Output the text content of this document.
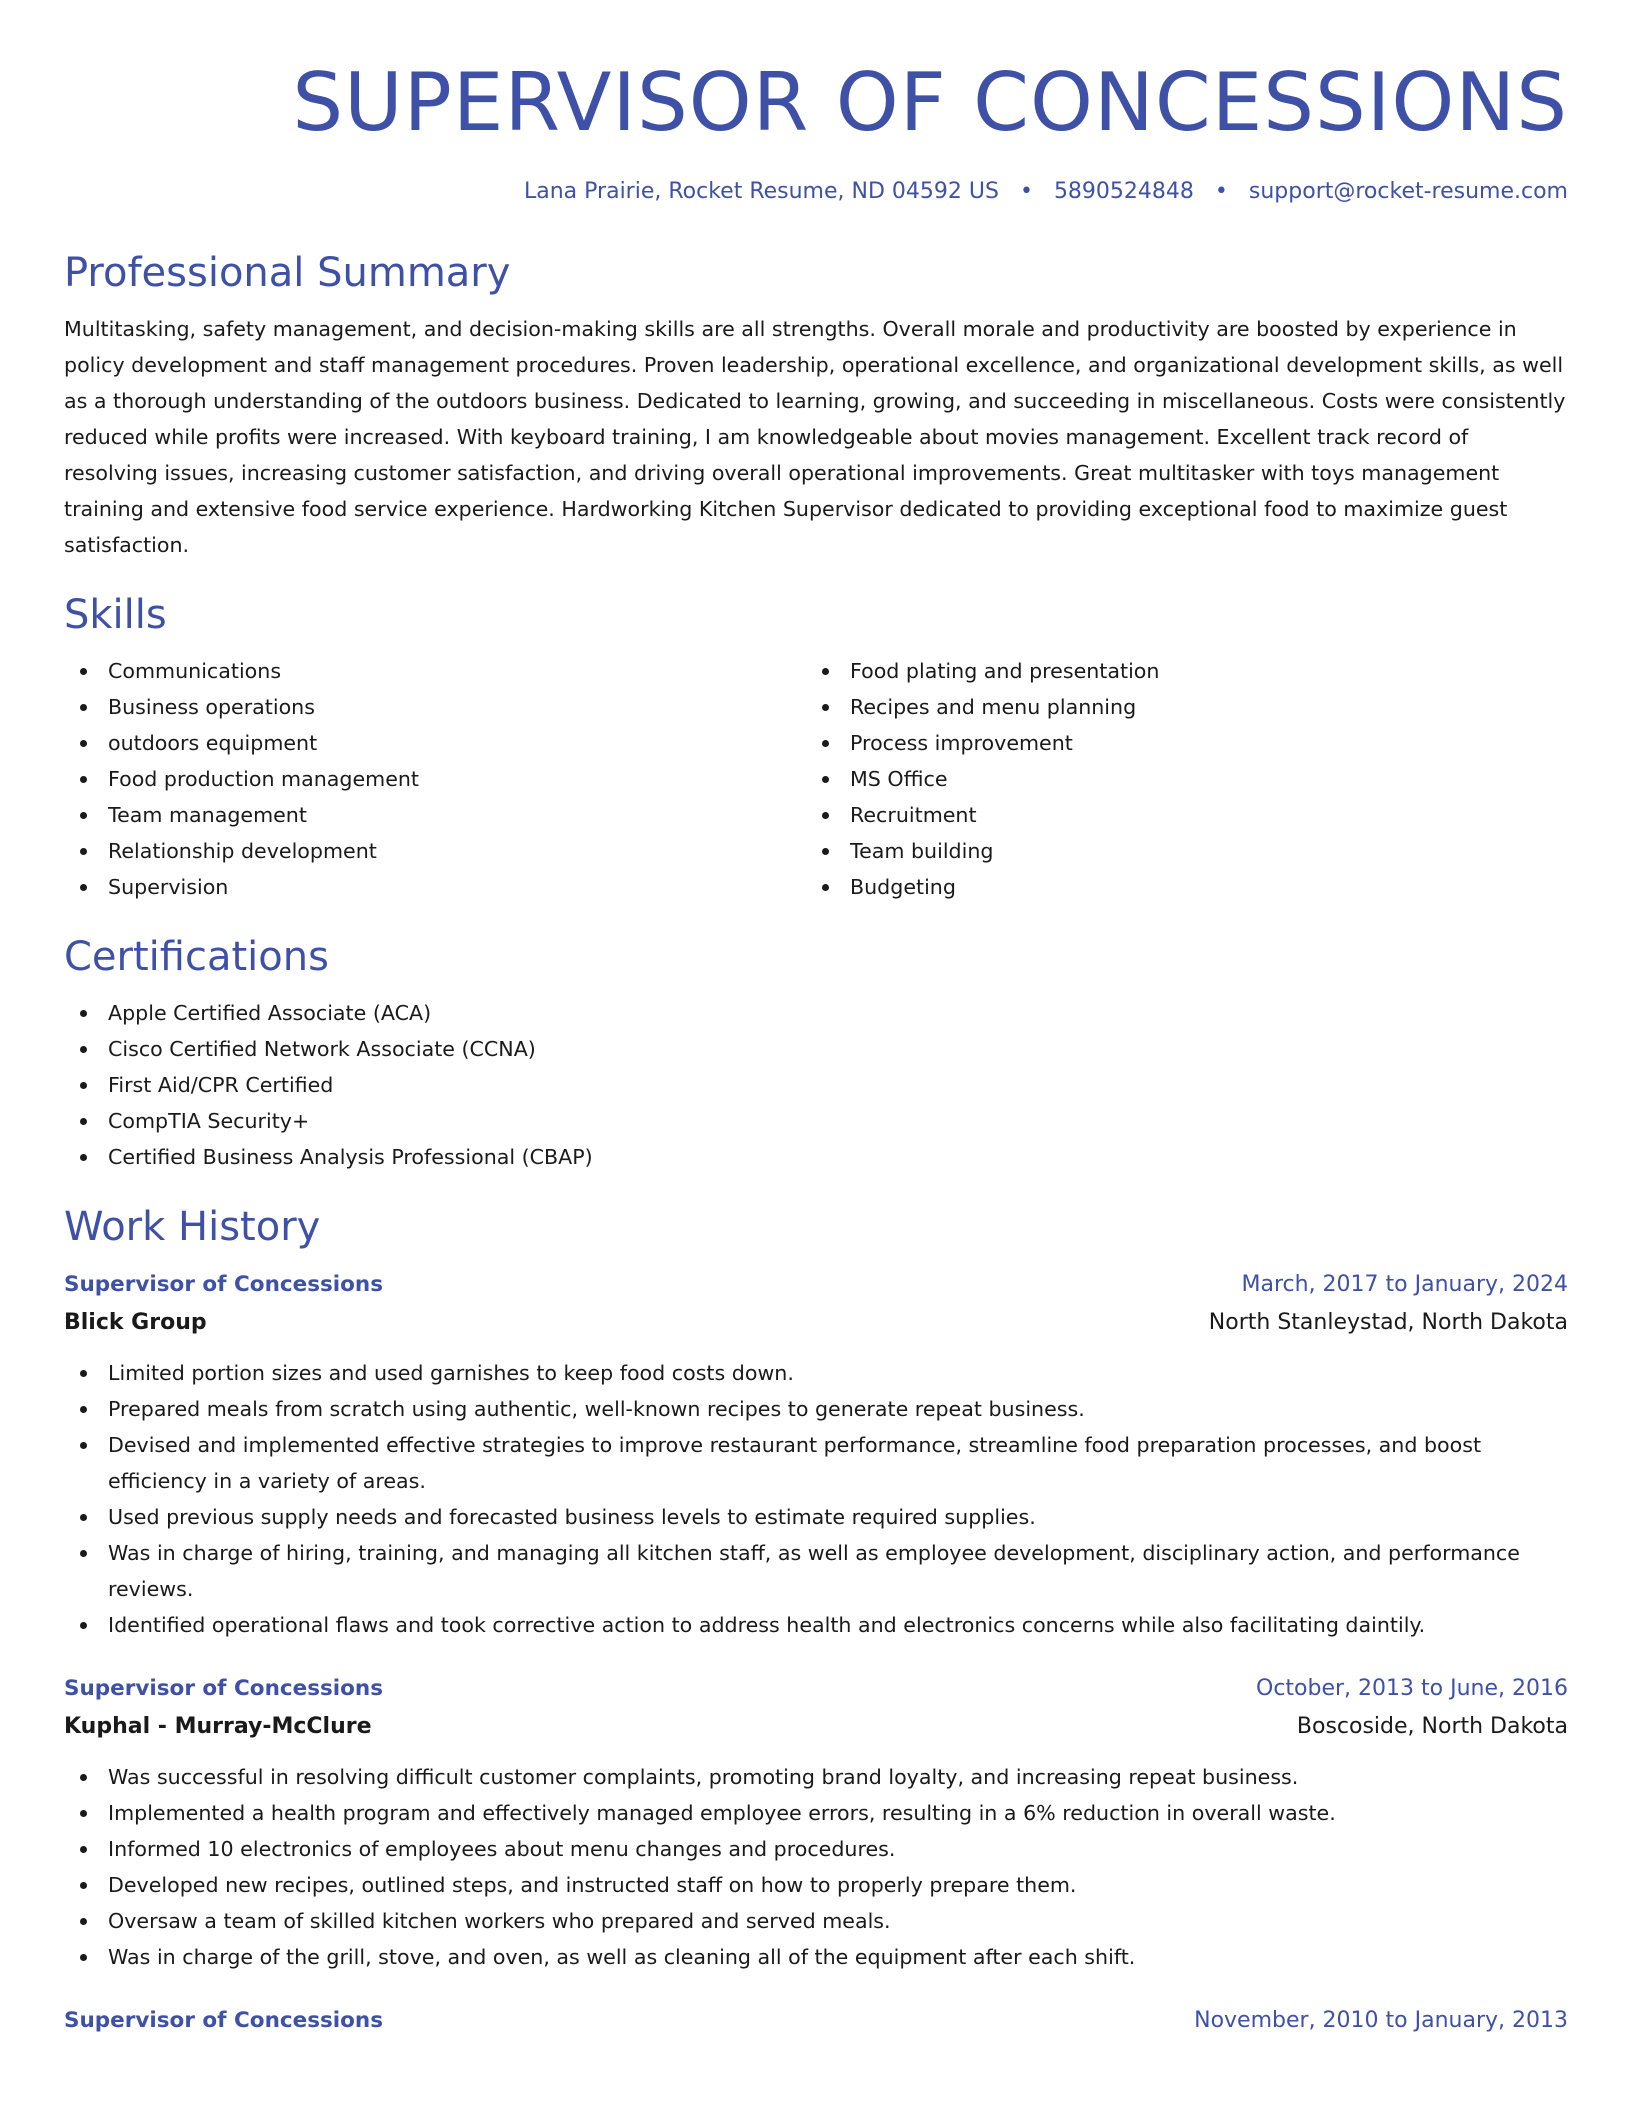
SUPERVISOR OF CONCESSIONS
Lana Prairie, Rocket Resume, ND 04592 US • 5890524848 • support@rocket-resume.com
Professional Summary

Multitasking, safety management, and decision-making skills are all strengths. Overall morale and productivity are boosted by experience in policy development and staff management procedures. Proven leadership, operational excellence, and organizational development skills, as well as a thorough understanding of the outdoors business. Dedicated to learning, growing, and succeeding in miscellaneous. Costs were consistently reduced while profits were increased. With keyboard training, I am knowledgeable about movies management. Excellent track record of resolving issues, increasing customer satisfaction, and driving overall operational improvements. Great multitasker with toys management training and extensive food service experience. Hardworking Kitchen Supervisor dedicated to providing exceptional food to maximize guest satisfaction.

Skills
Communications
Business operations
outdoors equipment
Food production management
Team management
Relationship development
Supervision
Food plating and presentation
Recipes and menu planning
Process improvement
MS Office
Recruitment
Team building
Budgeting
Certifications
Apple Certified Associate (ACA)
Cisco Certified Network Associate (CCNA)
First Aid/CPR Certified
CompTIA Security+
Certified Business Analysis Professional (CBAP)
Work History
Supervisor of Concessions	March, 2017 to January, 2024
Blick Group	North Stanleystad, North Dakota
Limited portion sizes and used garnishes to keep food costs down.
Prepared meals from scratch using authentic, well-known recipes to generate repeat business.
Devised and implemented effective strategies to improve restaurant performance, streamline food preparation processes, and boost efficiency in a variety of areas.
Used previous supply needs and forecasted business levels to estimate required supplies.
Was in charge of hiring, training, and managing all kitchen staff, as well as employee development, disciplinary action, and performance reviews.
Identified operational flaws and took corrective action to address health and electronics concerns while also facilitating daintily.
Supervisor of Concessions	October, 2013 to June, 2016
Kuphal - Murray-McClure	Boscoside, North Dakota
Was successful in resolving difficult customer complaints, promoting brand loyalty, and increasing repeat business.
Implemented a health program and effectively managed employee errors, resulting in a 6% reduction in overall waste.
Informed 10 electronics of employees about menu changes and procedures.
Developed new recipes, outlined steps, and instructed staff on how to properly prepare them.
Oversaw a team of skilled kitchen workers who prepared and served meals.
Was in charge of the grill, stove, and oven, as well as cleaning all of the equipment after each shift.
Supervisor of Concessions	November, 2010 to January, 2013
